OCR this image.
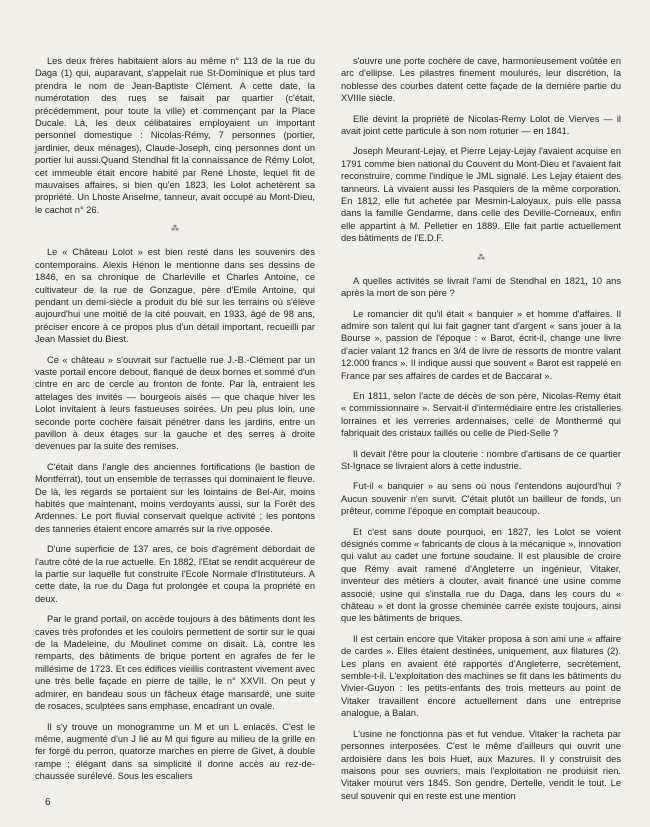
Les deux frères habitaient alors au même n° 113 de la rue du Daga (1) qui, auparavant, s'appelait rue St-Dominique et plus tard prendra le nom de Jean-Baptiste Clément. A cette date, la numérotation des rues se faisait par quartier (c'était, précédemment, pour toute la ville) et commençant par la Place Ducale. Là, les deux célibataires employaient un important personnel domestique : Nicolas-Rémy, 7 personnes (portier, jardinier, deux ménages), Claude-Joseph, cinq personnes dont un portier lui aussi.Quand Stendhal fit la connaissance de Rémy Lolot, cet immeuble était encore habité par René Lhoste, lequel fit de mauvaises affaires, si bien qu'en 1823, les Lolot achetèrent sa propriété. Un Lhoste Anselme, tanneur, avait occupé au Mont-Dieu, le cachot n° 26.

⁂

Le « Château Lolot » est bien resté dans les souvenirs des contemporains. Alexis Hénon le mentionne dans ses dessins de 1846, en sa chronique de Charleville et Charles Antoine, ce cultivateur de la rue de Gonzague, père d'Emile Antoine, qui pendant un demi-siècle a produit du blé sur les terrains où s'élève aujourd'hui une moitié de la cité pouvait, en 1933, âgé de 98 ans, préciser encore à ce propos plus d'un détail important, recueilli par Jean Massiet du Biest.

Ce « château » s'ouvrait sur l'actuelle rue J.-B.-Clément par un vaste portail encore debout, flanqué de deux bornes et sommé d'un cintre en arc de cercle au fronton de fonte. Par là, entraient les attelages des invités — bourgeois aisés — que chaque hiver les Lolot invitaient à leurs fastueuses soirées. Un peu plus loin, une seconde porte cochère faisait pénétrer dans les jardins, entre un pavillon à deux étages sur la gauche et des serres à droite devenues par la suite des remises.

C'était dans l'angle des anciennes fortifications (le bastion de Montferrat), tout un ensemble de terrasses qui dominaient le fleuve. De là, les regards se portaient sur les lointains de Bel-Air, moins habités que maintenant, moins verdoyants aussi, sur la Forêt des Ardennes. Le port fluvial conservait quelque activité ; les pontons des tanneries étaient encore amarrés sur la rive opposée.

D'une superficie de 137 ares, ce bois d'agrément débordait de l'autre côté de la rue actuelle. En 1882, l'Etat se rendit acquéreur de la partie sur laquelle fut construite l'Ecole Normale d'Instituteurs. A cette date, la rue du Daga fut prolongée et coupa la propriété en deux.

Par le grand portail, on accède toujours à des bâtiments dont les caves très profondes et les couloirs permettent de sortir sur le quai de la Madeleine, du Moulinet comme on disait. Là, contre les remparts, des bâtiments de brique portent en agrafes de fer le millésime de 1723. Et ces édifices vieillis contrastent vivement avec une très belle façade en pierre de taille, le n° XXVII. On peut y admirer, en bandeau sous un fâcheux étage mansardé, une suite de rosaces, sculptées sans emphase, encadrant un ovale.

Il s'y trouve un monogramme un M et un L enlacés. C'est le même, augmenté d'un J lié au M qui figure au milieu de la grille en fer forgé du perron, quatorze marches en pierre de Givet, à double rampe ; élégant dans sa simplicité il donne accès au rez-de-chaussée surélevé. Sous les escaliers

s'ouvre une porte cochère de cave, harmonieusement voûtée en arc d'ellipse. Les pilastres finement moulurés, leur discrétion, la noblesse des courbes datent cette façade de la dernière partie du XVIIIe siècle.

Elle devint la propriété de Nicolas-Remy Lolot de Vierves — il avait joint cette particule à son nom roturier — en 1841.

Joseph Meurant-Lejay, et Pierre Lejay-Lejay l'avaient acquise en 1791 comme bien national du Couvent du Mont-Dieu et l'avaient fait reconstruire, comme l'indique le JML signalé. Les Lejay étaient des tanneurs. Là vivaient aussi les Pasquiers de la même corporation. En 1812, elle fut achetée par Mesmin-Laloyaux, puis elle passa dans la famille Gendarme, dans celle des Deville-Corneaux, enfin elle appartint à M. Pelletier en 1889. Elle fait partie actuellement des bâtiments de l'E.D.F.

⁂

A quelles activités se livrait l'ami de Stendhal en 1821, 10 ans après la mort de son père ?

Le romancier dit qu'il était « banquier » et homme d'affaires. Il admire son talent qui lui fait gagner tant d'argent « sans jouer à la Bourse », passion de l'époque : « Barot, écrit-il, change une livre d'acier valant 12 francs en 3/4 de livre de ressorts de montre valant 12.000 francs ». Il indique aussi que souvent « Barot est rappelé en France par ses affaires de cardes et de Baccarat ».

En 1811, selon l'acte de décès de son père, Nicolas-Remy était « commissionnaire ». Servait-il d'intermédiaire entre les cristalleries lorraines et les verreries ardennaises, celle de Monthermé qui fabriquait des cristaux taillés ou celle de Pied-Selle ?

Il devait l'être pour la clouterie : nombre d'artisans de ce quartier St-Ignace se livraient alors à cette industrie.

Fut-il « banquier » au sens où nous l'entendons aujourd'hui ? Aucun souvenir n'en survit. C'était plutôt un bailleur de fonds, un prêteur, comme l'époque en comptait beaucoup.

Et c'est sans doute pourquoi, en 1827, les Lolot se voient désignés comme « fabricants de clous à la mécanique », innovation qui valut au cadet une fortune soudaine. Il est plausible de croire que Rémy avait ramené d'Angleterre un ingénieur, Vitaker, inventeur des métiers à clouter, avait financé une usine comme associé, usine qui s'installa rue du Daga, dans les cours du « château » et dont la grosse cheminée carrée existe toujours, ainsi que les bâtiments de briques.

Il est certain encore que Vitaker proposa à son ami une « affaire de cardes ». Elles étaient destinées, uniquement, aux filatures (2). Les plans en avaient été rapportés d'Angleterre, secrètement, semble-t-il. L'exploitation des machines se fit dans les bâtiments du Vivier-Guyon : les petits-enfants des trois metteurs au point de Vitaker travaillent encore actuellement dans une entreprise analogue, à Balan.

L'usine ne fonctionna pas et fut vendue. Vitaker la racheta par personnes interposées. C'est le même d'ailleurs qui ouvrit une ardoisière dans les bois Huet, aux Mazures. Il y construisit des maisons pour ses ouvriers, mais l'exploitation ne produisit rien. Vitaker mourut vers 1845. Son gendre, Dertelle, vendit le tout. Le seul souvenir qui en reste est une mention

6
